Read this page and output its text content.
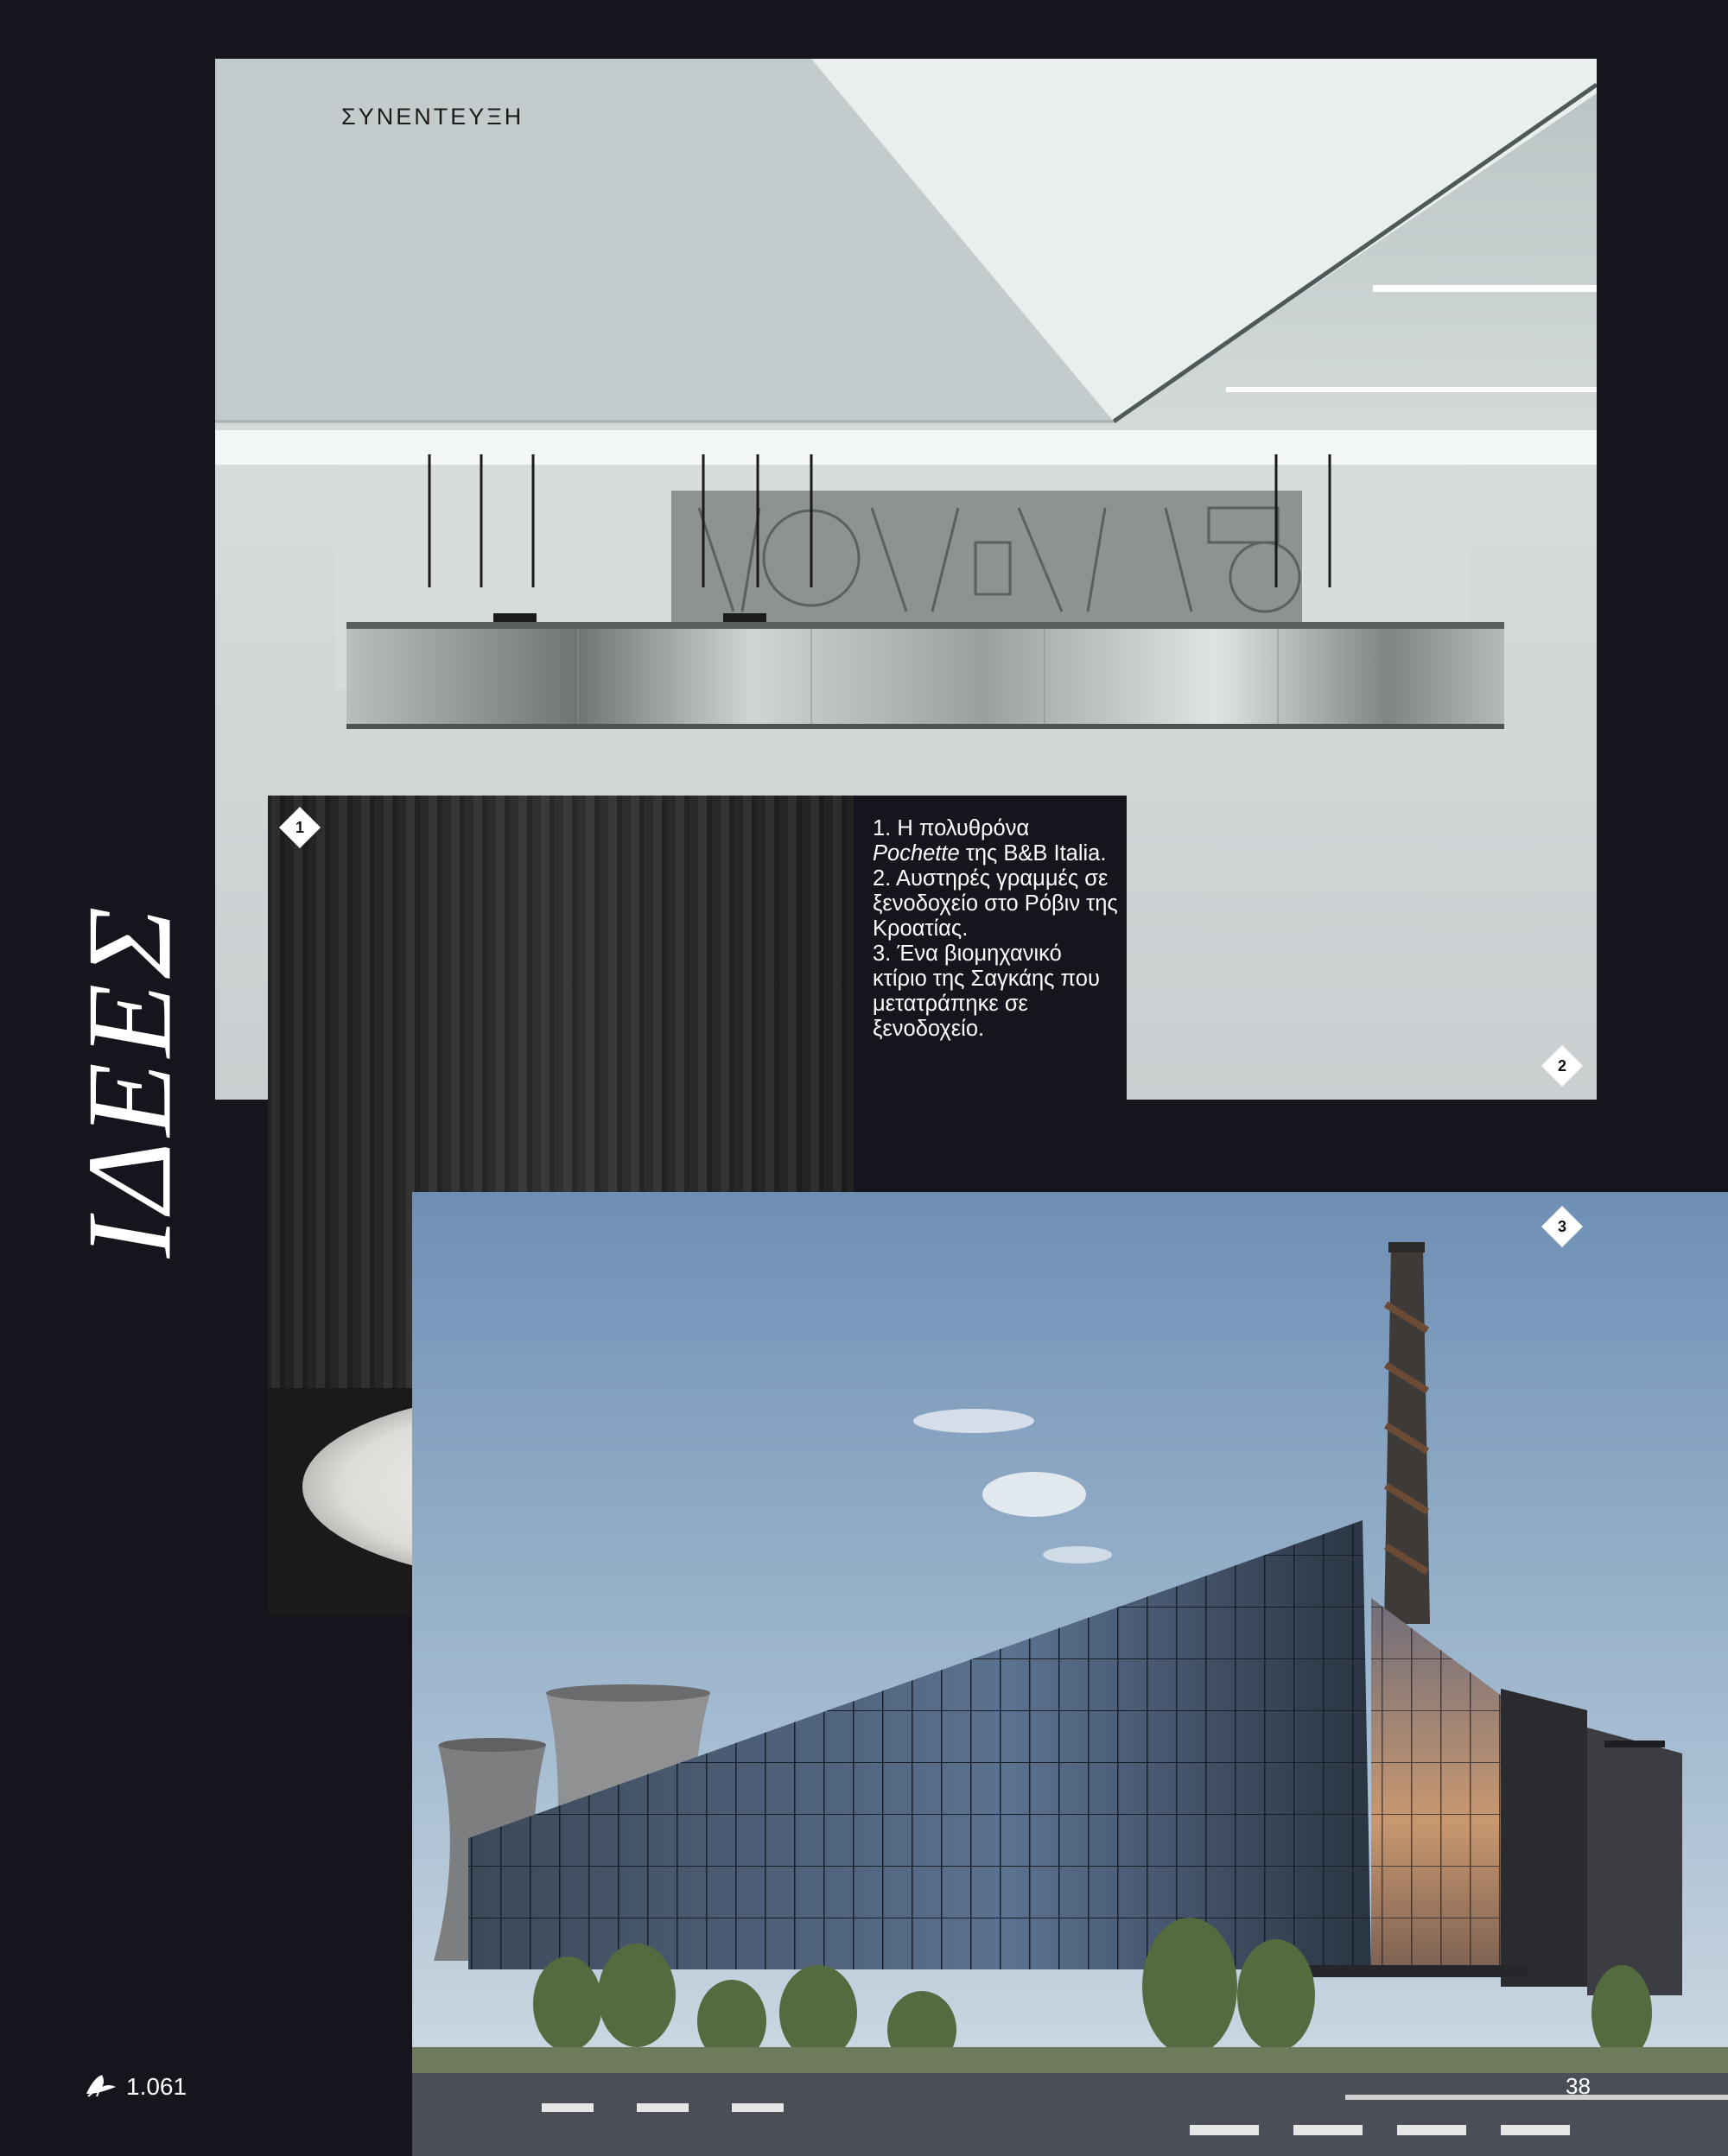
ΣΥΝΕΝΤΕΥΞΗ
2
1	1. Η πολυθρόνα Pochette της B&B Italia.

2. Αυστηρές γραμμές σε ξενοδοχείο στο Ρόβιν της Κροατίας.

3. Ένα βιομηχανικό κτίριο της Σαγκάης που μετατράπηκε σε ξενοδοχείο.

3
ΙΔΕΕΣ
1.061	38
